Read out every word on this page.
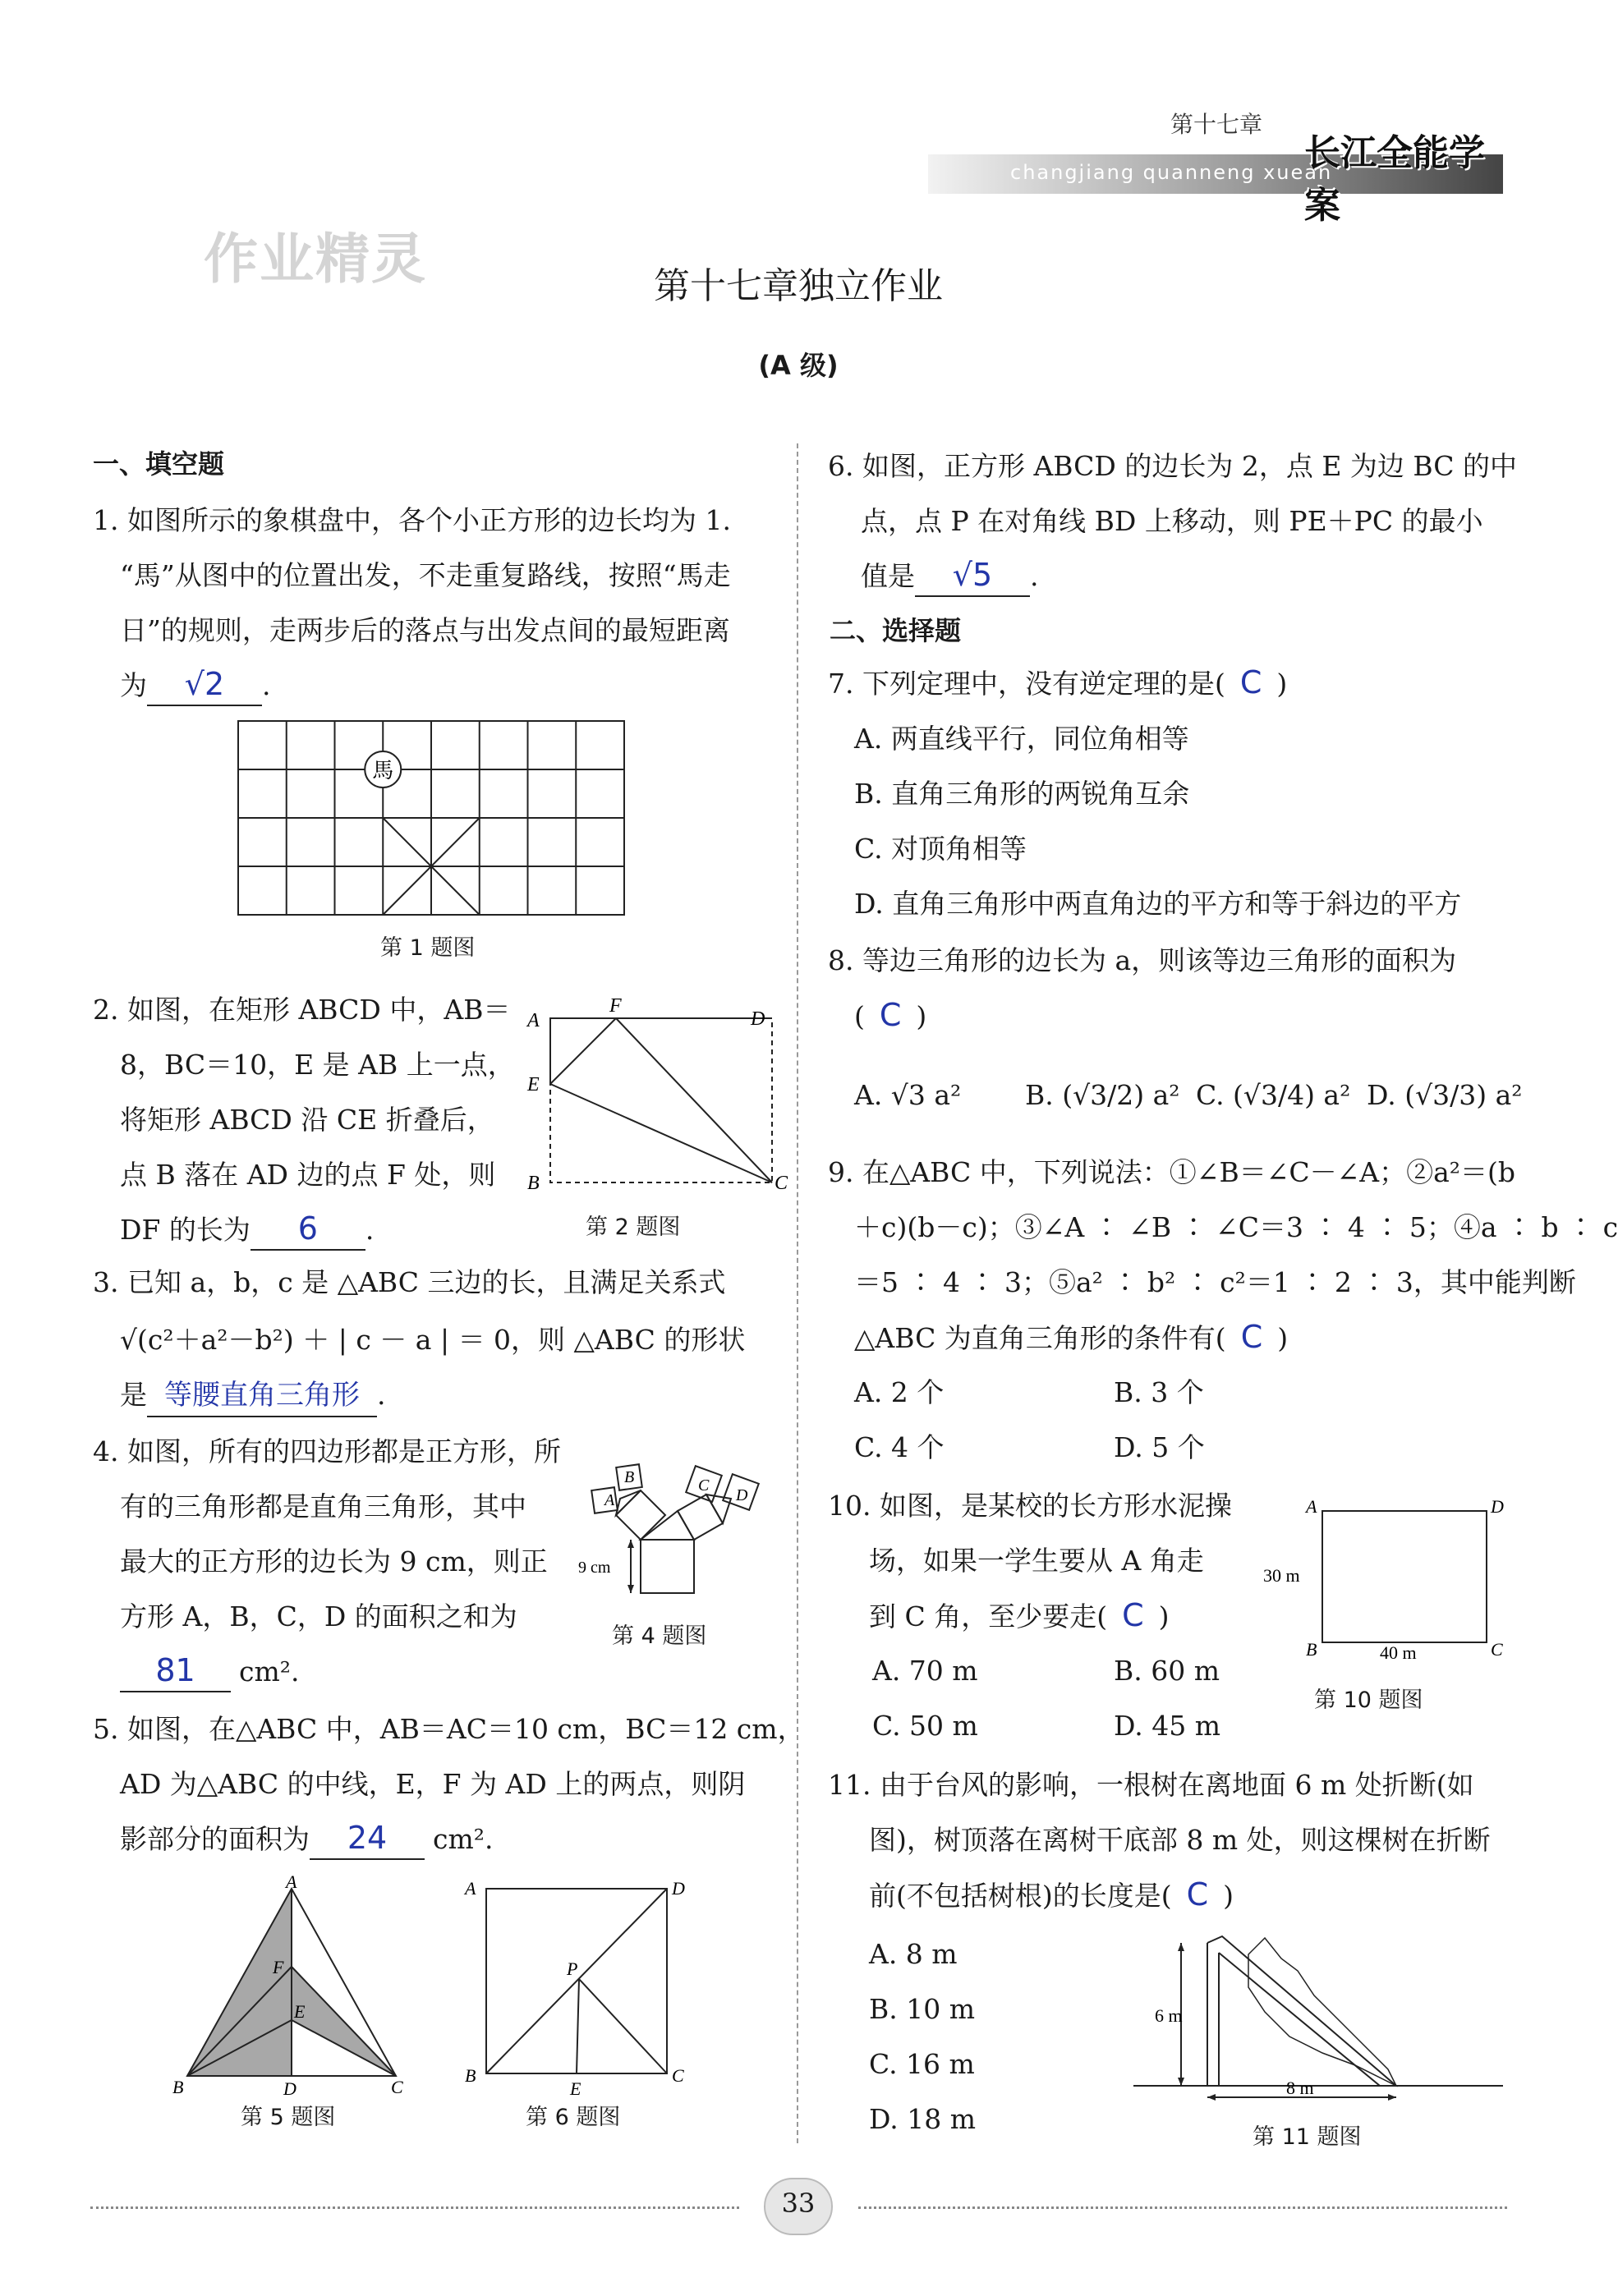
第十七章
changjiang quanneng xuean
长江全能学案
作业精灵	第十七章独立作业
(A 级)
一、填空题
1. 如图所示的象棋盘中，各个小正方形的边长均为 1.
“馬”从图中的位置出发，不走重复路线，按照“馬走
日”的规则，走两步后的落点与出发点间的最短距离
为 √2 .
馬
第 1 题图
2. 如图，在矩形 ABCD 中，AB＝
8，BC＝10，E 是 AB 上一点，
将矩形 ABCD 沿 CE 折叠后，
点 B 落在 AD 边的点 F 处，则
DF 的长为 6 .
A
F
D
E
B	C
第 2 题图
3. 已知 a，b，c 是 △ABC 三边的长，且满足关系式
√(c²＋a²－b²) ＋ | c － a | ＝ 0，则 △ABC 的形状
是 等腰直角三角形 .
4. 如图，所有的四边形都是正方形，所
有的三角形都是直角三角形，其中
最大的正方形的边长为 9 cm，则正
方形 A，B，C，D 的面积之和为
81 cm².
A
B	C
D
9 cm
第 4 题图
5. 如图，在△ABC 中，AB＝AC＝10 cm，BC＝12 cm，
AD 为△ABC 的中线，E，F 为 AD 上的两点，则阴
影部分的面积为 24 cm².
A
F
E
B	D	C
第 5 题图
A	D
P
B
E
C
第 6 题图
6. 如图，正方形 ABCD 的边长为 2，点 E 为边 BC 的中
点，点 P 在对角线 BD 上移动，则 PE＋PC 的最小
值是 √5 .
二、选择题
7. 下列定理中，没有逆定理的是( C )
A. 两直线平行，同位角相等
B. 直角三角形的两锐角互余
C. 对顶角相等
D. 直角三角形中两直角边的平方和等于斜边的平方
8. 等边三角形的边长为 a，则该等边三角形的面积为
( C )
A. √3 a² B. (√3/2) a² C. (√3/4) a² D. (√3/3) a²
9. 在△ABC 中，下列说法：①∠B＝∠C－∠A；②a²＝(b
＋c)(b－c)；③∠A ∶ ∠B ∶ ∠C＝3 ∶ 4 ∶ 5；④a ∶ b ∶ c
＝5 ∶ 4 ∶ 3；⑤a² ∶ b² ∶ c²＝1 ∶ 2 ∶ 3，其中能判断
△ABC 为直角三角形的条件有( C )
A. 2 个	B. 3 个
C. 4 个	D. 5 个
10. 如图，是某校的长方形水泥操
场，如果一学生要从 A 角走
到 C 角，至少要走( C )
A. 70 m	B. 60 m
C. 50 m	D. 45 m
A	D
B	C
30 m
40 m
第 10 题图
11. 由于台风的影响，一根树在离地面 6 m 处折断(如
图)，树顶落在离树干底部 8 m 处，则这棵树在折断
前(不包括树根)的长度是( C )
A. 8 m
B. 10 m
C. 16 m
D. 18 m
6 m
8 m
第 11 题图
33
